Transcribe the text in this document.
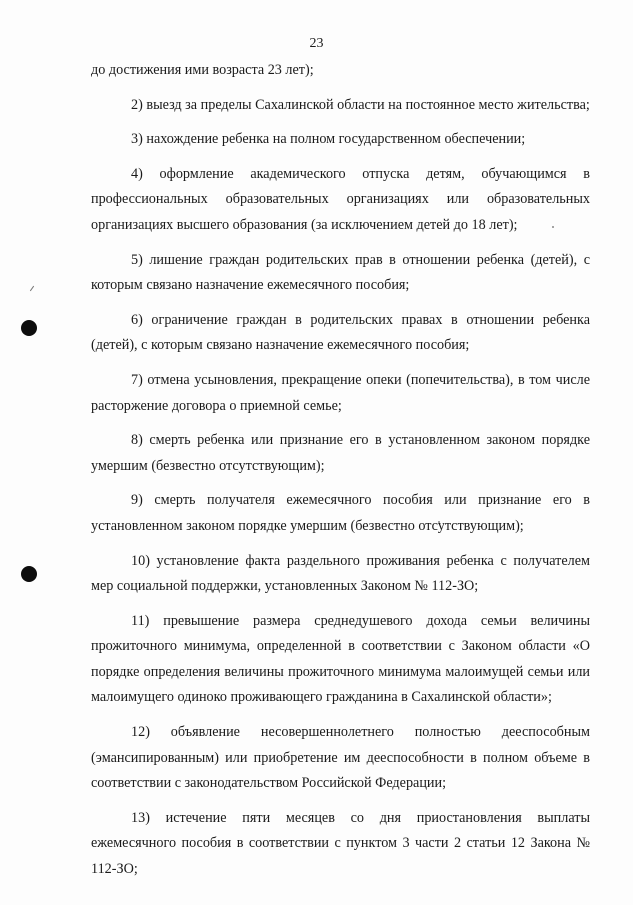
23

до достижения ими возраста 23 лет);

2) выезд за пределы Сахалинской области на постоянное место жительства;

3) нахождение ребенка на полном государственном обеспечении;

4) оформление академического отпуска детям, обучающимся в профессиональных образовательных организациях или образовательных организациях высшего образования (за исключением детей до 18 лет);

5) лишение граждан родительских прав в отношении ребенка (детей), с которым связано назначение ежемесячного пособия;

6) ограничение граждан в родительских правах в отношении ребенка (детей), с которым связано назначение ежемесячного пособия;

7) отмена усыновления, прекращение опеки (попечительства), в том числе расторжение договора о приемной семье;

8) смерть ребенка или признание его в установленном законом порядке умершим (безвестно отсутствующим);

9) смерть получателя ежемесячного пособия или признание его в установленном законом порядке умершим (безвестно отсутствующим);

10) установление факта раздельного проживания ребенка с получателем мер социальной поддержки, установленных Законом № 112-ЗО;

11) превышение размера среднедушевого дохода семьи величины прожиточного минимума, определенной в соответствии с Законом области «О порядке определения величины прожиточного минимума малоимущей семьи или малоимущего одиноко проживающего гражданина в Сахалинской области»;

12) объявление несовершеннолетнего полностью дееспособным (эмансипированным) или приобретение им дееспособности в полном объеме в соответствии с законодательством Российской Федерации;

13) истечение пяти месяцев со дня приостановления выплаты ежемесячного пособия в соответствии с пунктом 3 части 2 статьи 12 Закона № 112-ЗО;
